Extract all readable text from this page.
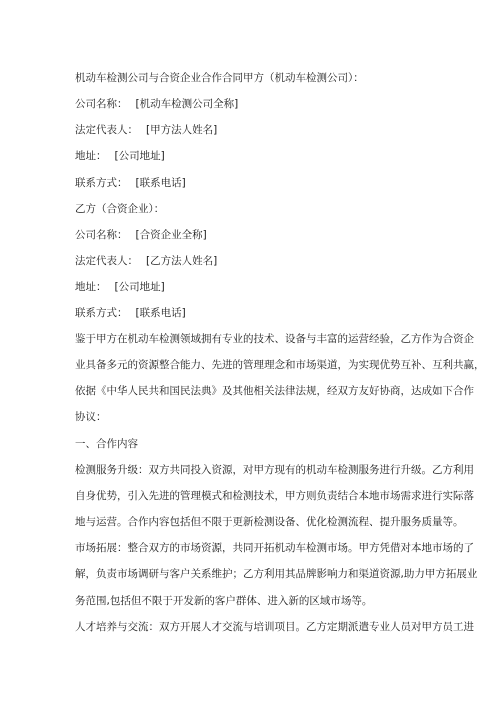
机动车检测公司与合资企业合作合同甲方（机动车检测公司）：

公司名称： [机动车检测公司全称]

法定代表人： [甲方法人姓名]

地址： [公司地址]

联系方式： [联系电话]

乙方（合资企业）：

公司名称： [合资企业全称]

法定代表人： [乙方法人姓名]

地址： [公司地址]

联系方式： [联系电话]

鉴于甲方在机动车检测领域拥有专业的技术、设备与丰富的运营经验，乙方作为合资企

业具备多元的资源整合能力、先进的管理理念和市场渠道，为实现优势互补、互利共赢，

依据《中华人民共和国民法典》及其他相关法律法规，经双方友好协商，达成如下合作

协议：

一、合作内容

检测服务升级：双方共同投入资源，对甲方现有的机动车检测服务进行升级。乙方利用

自身优势，引入先进的管理模式和检测技术，甲方则负责结合本地市场需求进行实际落

地与运营。合作内容包括但不限于更新检测设备、优化检测流程、提升服务质量等。

市场拓展：整合双方的市场资源，共同开拓机动车检测市场。甲方凭借对本地市场的了

解，负责市场调研与客户关系维护；乙方利用其品牌影响力和渠道资源,助力甲方拓展业

务范围,包括但不限于开发新的客户群体、进入新的区域市场等。

人才培养与交流：双方开展人才交流与培训项目。乙方定期派遣专业人员对甲方员工进
